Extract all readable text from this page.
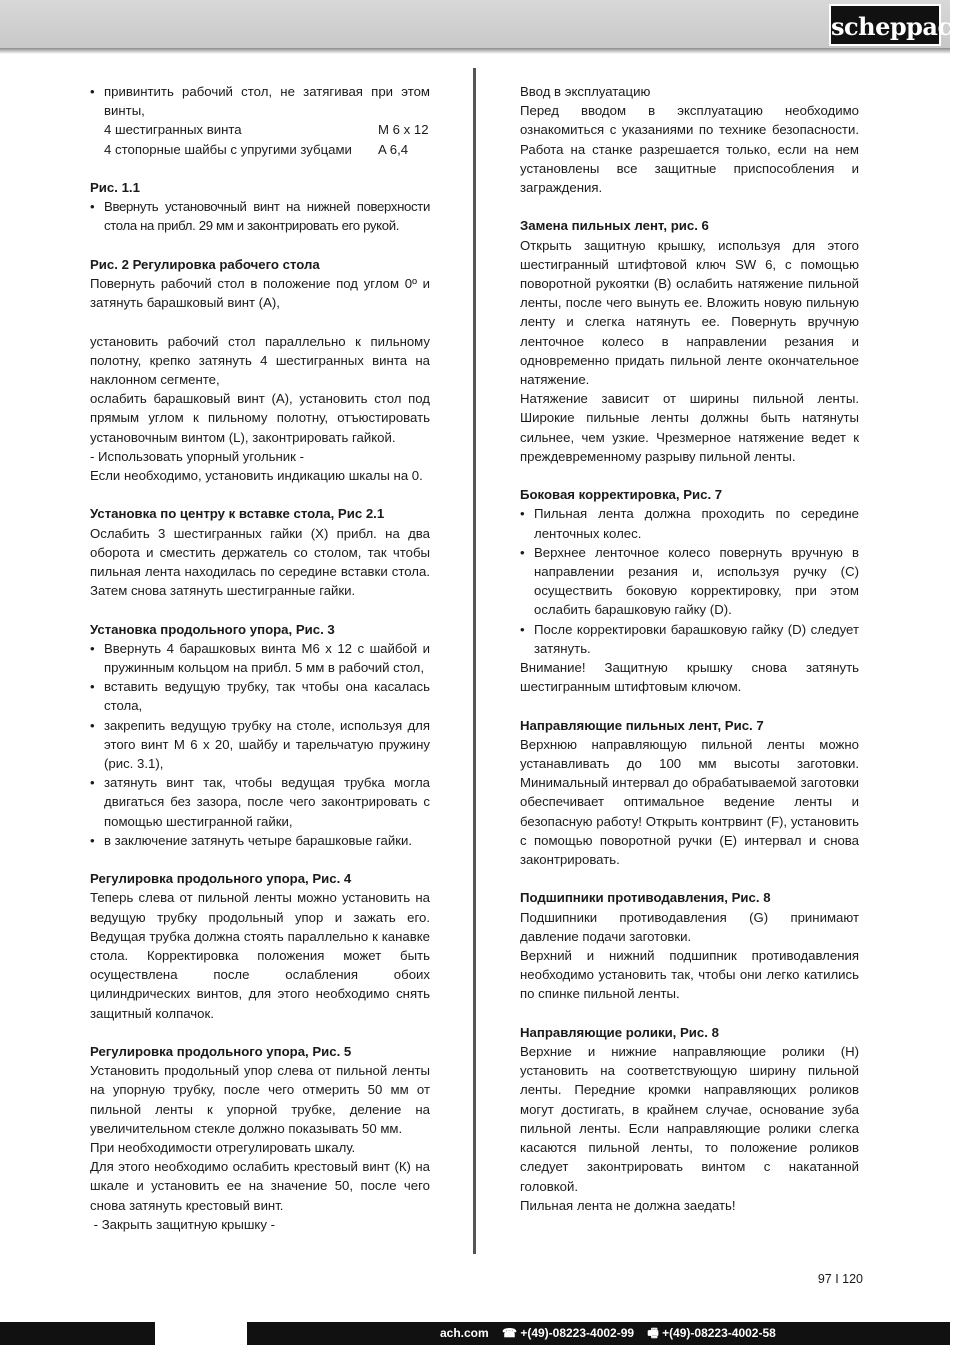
scheppach

• привинтить рабочий стол, не затягивая при этом винты,

4 шестигранных винта	M 6 x 12
4 стопорные шайбы с упругими зубцами A 6,4

Рис. 1.1

• Ввернуть установочный винт на нижней поверхности стола на прибл. 29 мм и законтрировать его рукой.

Рис. 2 Регулировка рабочего стола

Повернуть рабочий стол в положение под углом 0º и затянуть барашковый винт (А),

установить рабочий стол параллельно к пильному полотну, крепко затянуть 4 шестигранных винта на наклонном сегменте,

ослабить барашковый винт (А), установить стол под прямым углом к пильному полотну, отъюстировать установочным винтом (L), законтрировать гайкой.

- Использовать упорный угольник -

Если необходимо, установить индикацию шкалы на 0.

Установка по центру к вставке стола, Рис 2.1

Ослабить 3 шестигранных гайки (Х) прибл. на два оборота и сместить держатель со столом, так чтобы пильная лента находилась по середине вставки стола. Затем снова затянуть шестигранные гайки.

Установка продольного упора, Рис. 3

• Ввернуть 4 барашковых винта М6 х 12 с шайбой и пружинным кольцом на прибл. 5 мм в рабочий стол,

• вставить ведущую трубку, так чтобы она касалась стола,

• закрепить ведущую трубку на столе, используя для этого винт М 6 х 20, шайбу и тарельчатую пружину (рис. 3.1),

• затянуть винт так, чтобы ведущая трубка могла двигаться без зазора, после чего законтрировать с помощью шестигранной гайки,

• в заключение затянуть четыре барашковые гайки.

Регулировка продольного упора, Рис. 4

Теперь слева от пильной ленты можно установить на ведущую трубку продольный упор и зажать его. Ведущая трубка должна стоять параллельно к канавке стола. Корректировка положения может быть осуществлена после ослабления обоих цилиндрических винтов, для этого необходимо снять защитный колпачок.

Регулировка продольного упора, Рис. 5

Установить продольный упор слева от пильной ленты на упорную трубку, после чего отмерить 50 мм от пильной ленты к упорной трубке, деление на увеличительном стекле должно показывать 50 мм.

При необходимости отрегулировать шкалу.

Для этого необходимо ослабить крестовый винт (К) на шкале и установить ее на значение 50, после чего снова затянуть крестовый винт.

- Закрыть защитную крышку -

Ввод в эксплуатацию

Перед вводом в эксплуатацию необходимо ознакомиться с указаниями по технике безопасности. Работа на станке разрешается только, если на нем установлены все защитные приспособления и заграждения.

Замена пильных лент, рис. 6

Открыть защитную крышку, используя для этого шестигранный штифтовой ключ SW 6, с помощью поворотной рукоятки (В) ослабить натяжение пильной ленты, после чего вынуть ее. Вложить новую пильную ленту и слегка натянуть ее. Повернуть вручную ленточное колесо в направлении резания и одновременно придать пильной ленте окончательное натяжение.

Натяжение зависит от ширины пильной ленты. Широкие пильные ленты должны быть натянуты сильнее, чем узкие. Чрезмерное натяжение ведет к преждевременному разрыву пильной ленты.

Боковая корректировка, Рис. 7

• Пильная лента должна проходить по середине ленточных колес.

• Верхнее ленточное колесо повернуть вручную в направлении резания и, используя ручку (С) осуществить боковую корректировку, при этом ослабить барашковую гайку (D).

• После корректировки барашковую гайку (D) следует затянуть.

Внимание! Защитную крышку снова затянуть шестигранным штифтовым ключом.

Направляющие пильных лент, Рис. 7

Верхнюю направляющую пильной ленты можно устанавливать до 100 мм высоты заготовки. Минимальный интервал до обрабатываемой заготовки обеспечивает оптимальное ведение ленты и безопасную работу! Открыть контрвинт (F), установить с помощью поворотной ручки (Е) интервал и снова законтрировать.

Подшипники противодавления, Рис. 8

Подшипники противодавления (G) принимают давление подачи заготовки.

Верхний и нижний подшипник противодавления необходимо установить так, чтобы они легко катились по спинке пильной ленты.

Направляющие ролики, Рис. 8

Верхние и нижние направляющие ролики (Н) установить на соответствующую ширину пильной ленты. Передние кромки направляющих роликов могут достигать, в крайнем случае, основание зуба пильной ленты. Если направляющие ролики слегка касаются пильной ленты, то положение роликов следует законтрировать винтом с накатанной головкой.

Пильная лента не должна заедать!

97 I 120
ach.com ☎ +(49)-08223-4002-99 🖷 +(49)-08223-4002-58
